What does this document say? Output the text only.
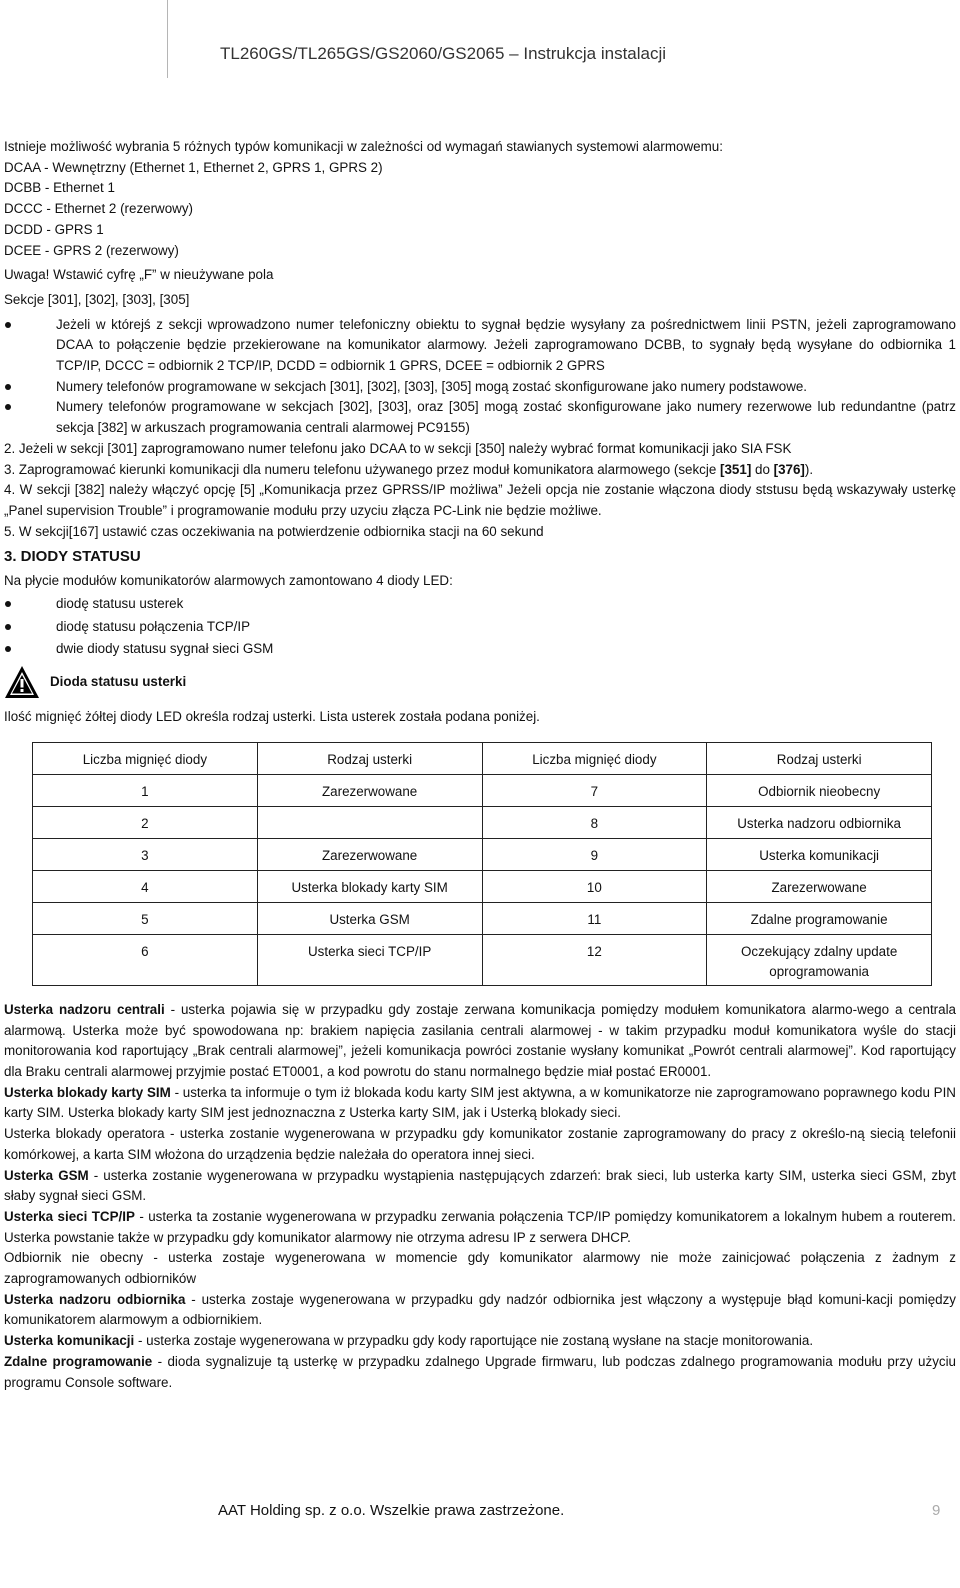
TL260GS/TL265GS/GS2060/GS2065 – Instrukcja instalacji
Istnieje możliwość wybrania 5 różnych typów komunikacji w zależności od wymagań stawianych systemowi alarmowemu:
DCAA - Wewnętrzny (Ethernet 1, Ethernet 2, GPRS 1, GPRS 2)
DCBB - Ethernet 1
DCCC - Ethernet 2 (rezerwowy)
DCDD - GPRS 1
DCEE - GPRS 2 (rezerwowy)
Uwaga! Wstawić cyfrę „F” w nieużywane pola
Sekcje [301], [302], [303], [305]
Jeżeli w którejś z sekcji wprowadzono numer telefoniczny obiektu to sygnał będzie wysyłany za pośrednictwem linii PSTN, jeżeli zaprogramowano DCAA to połączenie będzie przekierowane na komunikator alarmowy. Jeżeli zaprogramowano DCBB, to sygnały będą wysyłane do odbiornika 1 TCP/IP, DCCC = odbiornik 2 TCP/IP, DCDD = odbiornik 1 GPRS, DCEE = odbiornik 2 GPRS
Numery telefonów programowane w sekcjach [301], [302], [303], [305] mogą zostać skonfigurowane jako numery podstawowe.
Numery telefonów programowane w sekcjach [302], [303], oraz [305] mogą zostać skonfigurowane jako numery rezerwowe lub redundantne (patrz sekcja [382] w arkuszach programowania centrali alarmowej PC9155)
2. Jeżeli w sekcji [301] zaprogramowano numer telefonu jako DCAA to w sekcji [350] należy wybrać format komunikacji jako SIA FSK
3. Zaprogramować kierunki komunikacji dla numeru telefonu używanego przez moduł komunikatora alarmowego (sekcje [351] do [376]).

4. W sekcji [382] należy włączyć opcję [5] „Komunikacja przez GPRSS/IP możliwa” Jeżeli opcja nie zostanie włączona diody ststusu będą wskazywały usterkę „Panel supervision Trouble” i programowanie modułu przy uzyciu złącza PC-Link nie będzie możliwe.

5. W sekcji[167] ustawić czas oczekiwania na potwierdzenie odbiornika stacji na 60 sekund
3. DIODY STATUSU
Na płycie modułów komunikatorów alarmowych zamontowano 4 diody LED:
diodę statusu usterek
diodę statusu połączenia TCP/IP
dwie diody statusu sygnał sieci GSM
Dioda statusu usterki
Ilość mignięć żółtej diody LED określa rodzaj usterki. Lista usterek została podana poniżej.
Liczba mignięć diody	Rodzaj usterki	Liczba mignięć diody	Rodzaj usterki
1	Zarezerwowane	7	Odbiornik nieobecny
2		8	Usterka nadzoru odbiornika
3	Zarezerwowane	9	Usterka komunikacji
4	Usterka blokady karty SIM	10	Zarezerwowane
5	Usterka GSM	11	Zdalne programowanie
6	Usterka sieci TCP/IP	12	Oczekujący zdalny update oprogramowania

Usterka nadzoru centrali - usterka pojawia się w przypadku gdy zostaje zerwana komunikacja pomiędzy modułem komunikatora alarmo-wego a centrala alarmową. Usterka może być spowodowana np: brakiem napięcia zasilania centrali alarmowej - w takim przypadku moduł komunikatora wyśle do stacji monitorowania kod raportujący „Brak centrali alarmowej”, jeżeli komunikacja powróci zostanie wysłany komunikat „Powrót centrali alarmowej”. Kod raportujący dla Braku centrali alarmowej przyjmie postać ET0001, a kod powrotu do stanu normalnego będzie miał postać ER0001.

Usterka blokady karty SIM - usterka ta informuje o tym iż blokada kodu karty SIM jest aktywna, a w komunikatorze nie zaprogramowano poprawnego kodu PIN karty SIM. Usterka blokady karty SIM jest jednoznaczna z Usterka karty SIM, jak i Usterką blokady sieci.

Usterka blokady operatora - usterka zostanie wygenerowana w przypadku gdy komunikator zostanie zaprogramowany do pracy z określo-ną siecią telefonii komórkowej, a karta SIM włożona do urządzenia będzie należała do operatora innej sieci.

Usterka GSM - usterka zostanie wygenerowana w przypadku wystąpienia następujących zdarzeń: brak sieci, lub usterka karty SIM, usterka sieci GSM, zbyt słaby sygnał sieci GSM.

Usterka sieci TCP/IP - usterka ta zostanie wygenerowana w przypadku zerwania połączenia TCP/IP pomiędzy komunikatorem a lokalnym hubem a routerem. Usterka powstanie także w przypadku gdy komunikator alarmowy nie otrzyma adresu IP z serwera DHCP.

Odbiornik nie obecny - usterka zostaje wygenerowana w momencie gdy komunikator alarmowy nie może zainicjować połączenia z żadnym z zaprogramowanych odbiorników

Usterka nadzoru odbiornika - usterka zostaje wygenerowana w przypadku gdy nadzór odbiornika jest włączony a występuje błąd komuni-kacji pomiędzy komunikatorem alarmowym a odbiornikiem.

Usterka komunikacji - usterka zostaje wygenerowana w przypadku gdy kody raportujące nie zostaną wysłane na stacje monitorowania.

Zdalne programowanie - dioda sygnalizuje tą usterkę w przypadku zdalnego Upgrade firmwaru, lub podczas zdalnego programowania modułu przy użyciu programu Console software.

AAT Holding sp. z o.o. Wszelkie prawa zastrzeżone.	9
